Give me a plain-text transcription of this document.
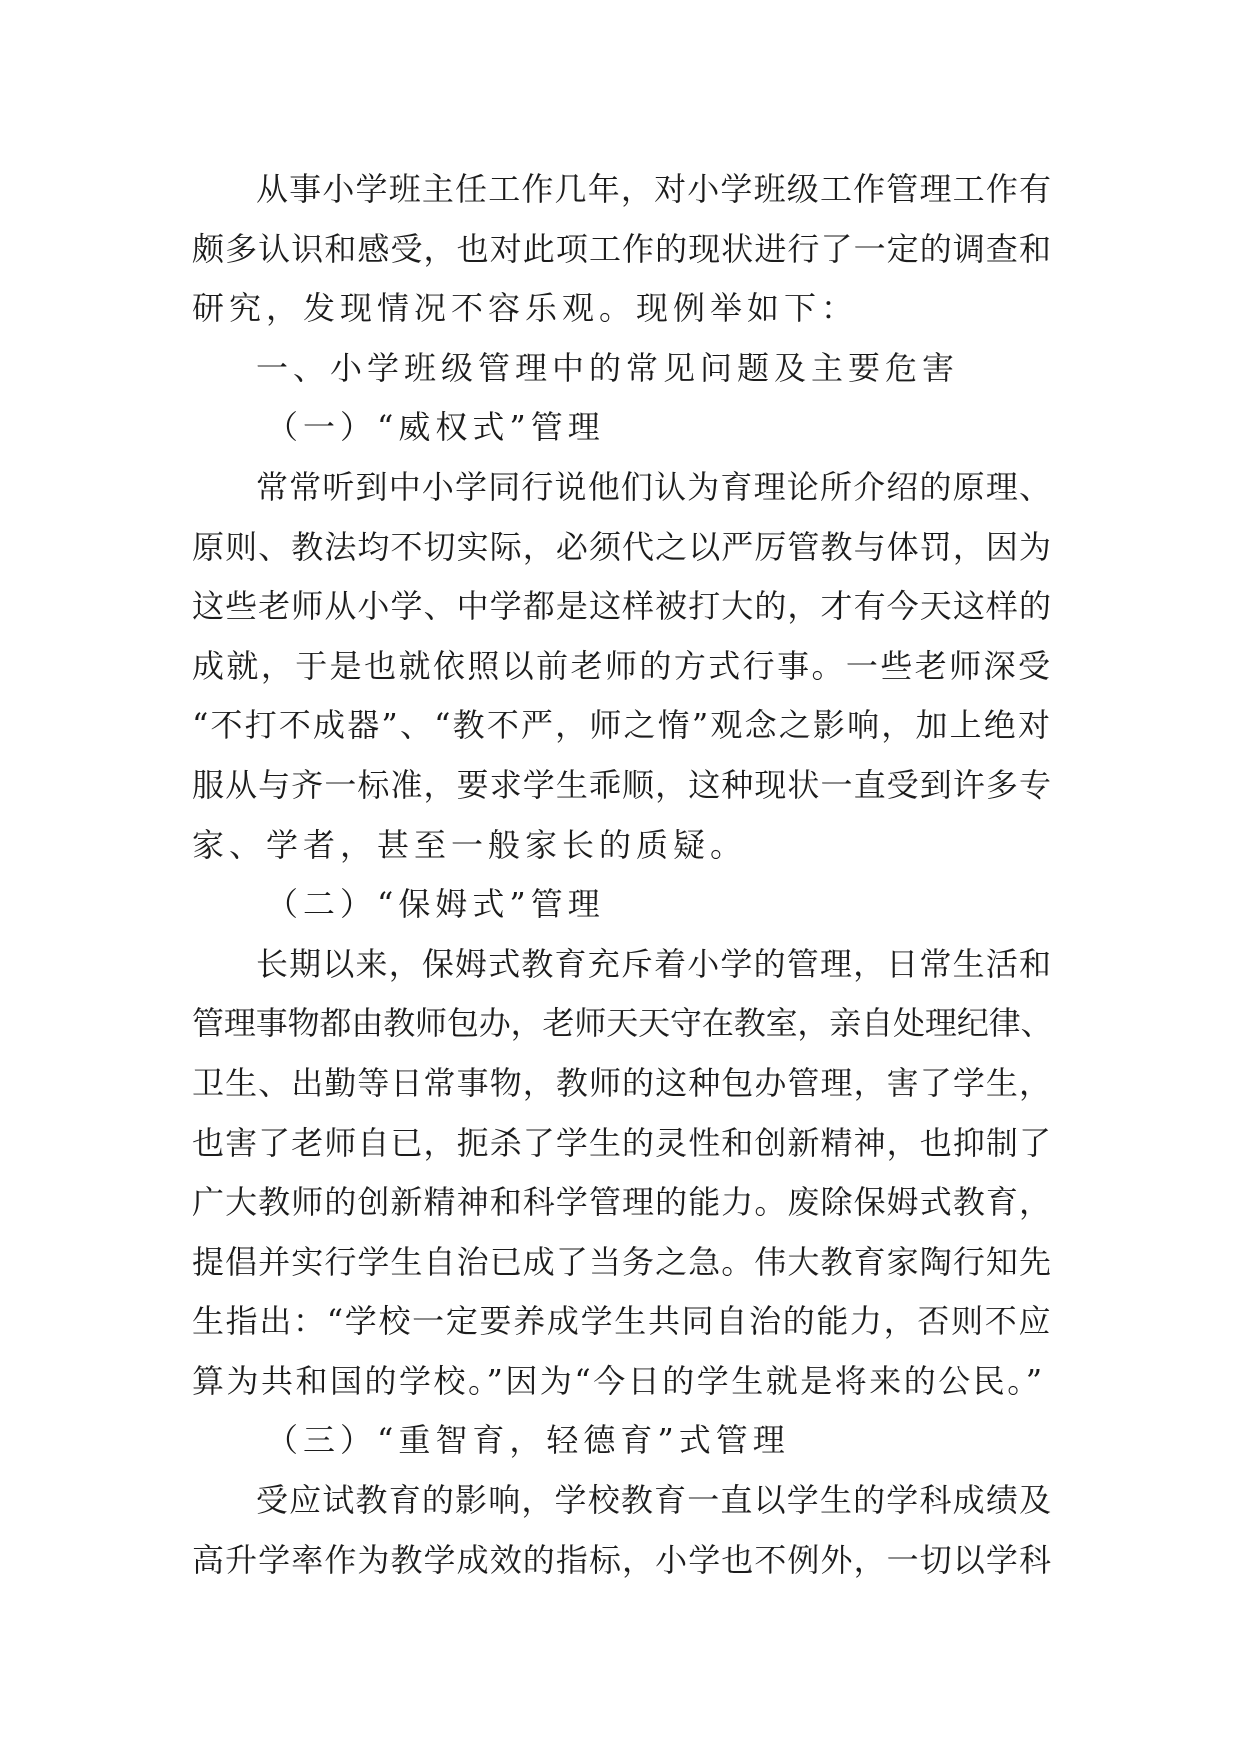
从事小学班主任工作几年，对小学班级工作管理工作有
颇多认识和感受，也对此项工作的现状进行了一定的调查和
研究，发现情况不容乐观。现例举如下：
一、小学班级管理中的常见问题及主要危害
（一）“威权式”管理
常常听到中小学同行说他们认为育理论所介绍的原理、
原则、教法均不切实际，必须代之以严厉管教与体罚，因为
这些老师从小学、中学都是这样被打大的，才有今天这样的
成就，于是也就依照以前老师的方式行事。一些老师深受
“不打不成器”、“教不严，师之惰”观念之影响，加上绝对
服从与齐一标准，要求学生乖顺，这种现状一直受到许多专
家、学者，甚至一般家长的质疑。
（二）“保姆式”管理
长期以来，保姆式教育充斥着小学的管理，日常生活和
管理事物都由教师包办，老师天天守在教室，亲自处理纪律、
卫生、出勤等日常事物，教师的这种包办管理，害了学生，
也害了老师自已，扼杀了学生的灵性和创新精神，也抑制了
广大教师的创新精神和科学管理的能力。废除保姆式教育，
提倡并实行学生自治已成了当务之急。伟大教育家陶行知先
生指出：“学校一定要养成学生共同自治的能力，否则不应
算为共和国的学校。”因为“今日的学生就是将来的公民。”
（三）“重智育，轻德育”式管理
受应试教育的影响，学校教育一直以学生的学科成绩及
高升学率作为教学成效的指标，小学也不例外，一切以学科
